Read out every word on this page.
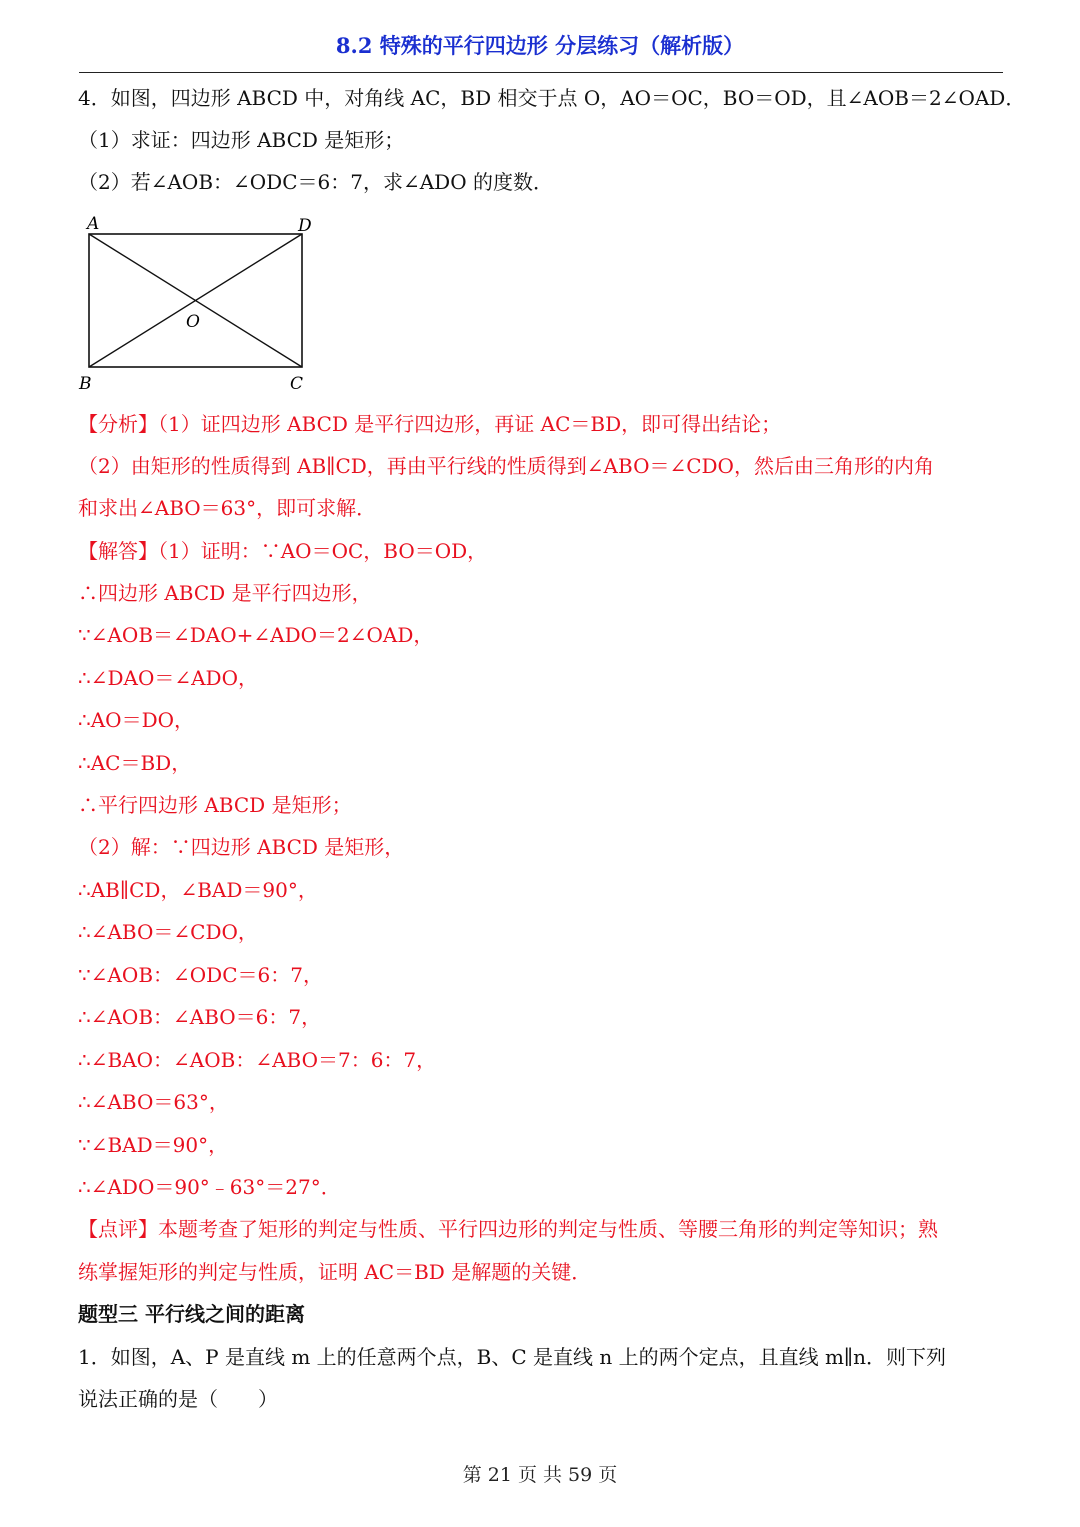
8.2 特殊的平行四边形 分层练习（解析版）
4．如图，四边形 ABCD 中，对角线 AC，BD 相交于点 O，AO＝OC，BO＝OD，且∠AOB＝2∠OAD．
（1）求证：四边形 ABCD 是矩形；
（2）若∠AOB：∠ODC＝6：7，求∠ADO 的度数．
A	D
B	C
O
【分析】（1）证四边形 ABCD 是平行四边形，再证 AC＝BD，即可得出结论；
（2）由矩形的性质得到 AB∥CD，再由平行线的性质得到∠ABO＝∠CDO，然后由三角形的内角
和求出∠ABO＝63°，即可求解．
【解答】（1）证明：∵AO＝OC，BO＝OD，
∴四边形 ABCD 是平行四边形，
∵∠AOB＝∠DAO+∠ADO＝2∠OAD，
∴∠DAO＝∠ADO，
∴AO＝DO，
∴AC＝BD，
∴平行四边形 ABCD 是矩形；
（2）解：∵四边形 ABCD 是矩形，
∴AB∥CD，∠BAD＝90°，
∴∠ABO＝∠CDO，
∵∠AOB：∠ODC＝6：7，
∴∠AOB：∠ABO＝6：7，
∴∠BAO：∠AOB：∠ABO＝7：6：7，
∴∠ABO＝63°，
∵∠BAD＝90°，
∴∠ADO＝90°﹣63°＝27°．
【点评】本题考查了矩形的判定与性质、平行四边形的判定与性质、等腰三角形的判定等知识；熟
练掌握矩形的判定与性质，证明 AC＝BD 是解题的关键．
题型三 平行线之间的距离
1．如图，A、P 是直线 m 上的任意两个点，B、C 是直线 n 上的两个定点，且直线 m∥n．则下列
说法正确的是（　　）
第 21 页 共 59 页
